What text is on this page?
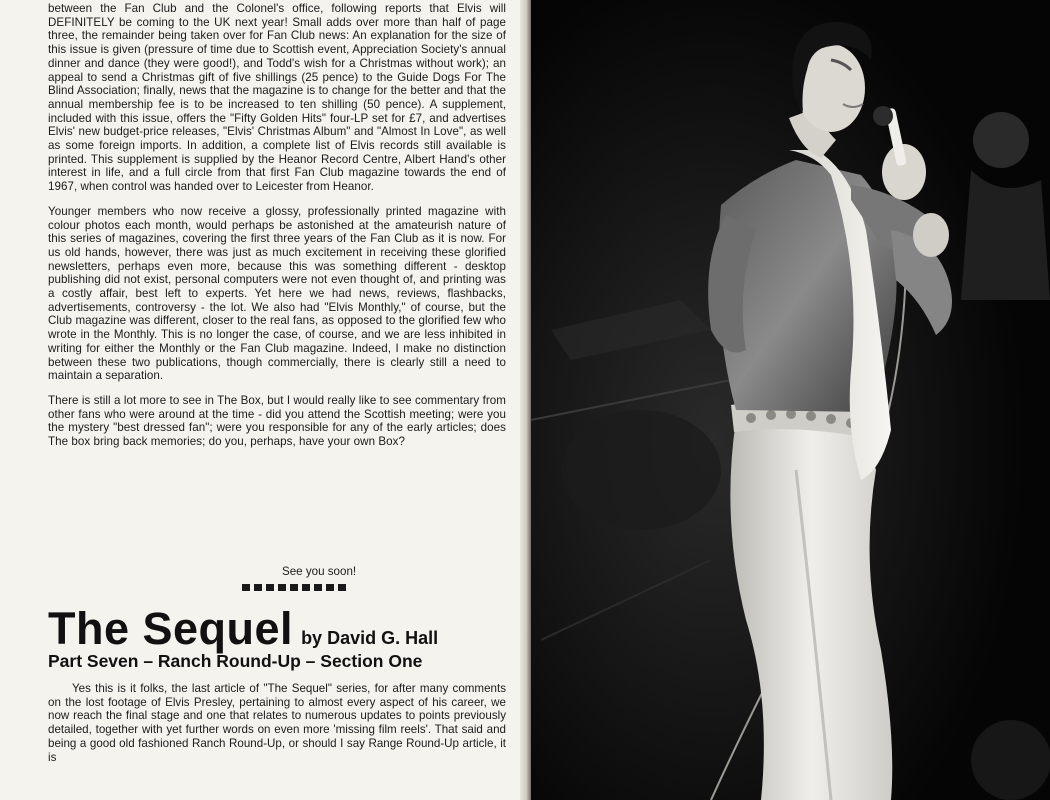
between the Fan Club and the Colonel's office, following reports that Elvis will DEFINITELY be coming to the UK next year! Small adds over more than half of page three, the remainder being taken over for Fan Club news: An explanation for the size of this issue is given (pressure of time due to Scottish event, Appreciation Society's annual dinner and dance (they were good!), and Todd's wish for a Christmas without work); an appeal to send a Christmas gift of five shillings (25 pence) to the Guide Dogs For The Blind Association; finally, news that the magazine is to change for the better and that the annual membership fee is to be increased to ten shilling (50 pence). A supplement, included with this issue, offers the "Fifty Golden Hits" four-LP set for £7, and advertises Elvis' new budget-price releases, "Elvis' Christmas Album" and "Almost In Love", as well as some foreign imports. In addition, a complete list of Elvis records still available is printed. This supplement is supplied by the Heanor Record Centre, Albert Hand's other interest in life, and a full circle from that first Fan Club magazine towards the end of 1967, when control was handed over to Leicester from Heanor.

Younger members who now receive a glossy, professionally printed magazine with colour photos each month, would perhaps be astonished at the amateurish nature of this series of magazines, covering the first three years of the Fan Club as it is now. For us old hands, however, there was just as much excitement in receiving these glorified newsletters, perhaps even more, because this was something different - desktop publishing did not exist, personal computers were not even thought of, and printing was a costly affair, best left to experts. Yet here we had news, reviews, flashbacks, advertisements, controversy - the lot. We also had "Elvis Monthly," of course, but the Club magazine was different, closer to the real fans, as opposed to the glorified few who wrote in the Monthly. This is no longer the case, of course, and we are less inhibited in writing for either the Monthly or the Fan Club magazine. Indeed, I make no distinction between these two publications, though commercially, there is clearly still a need to maintain a separation.

There is still a lot more to see in The Box, but I would really like to see commentary from other fans who were around at the time - did you attend the Scottish meeting; were you the mystery "best dressed fan"; were you responsible for any of the early articles; does The box bring back memories; do you, perhaps, have your own Box?

See you soon!
The Sequel by David G. Hall
Part Seven – Ranch Round-Up – Section One
Yes this is it folks, the last article of "The Sequel" series, for after many comments on the lost footage of Elvis Presley, pertaining to almost every aspect of his career, we now reach the final stage and one that relates to numerous updates to points previously detailed, together with yet further words on even more 'missing film reels'. That said and being a good old fashioned Ranch Round-Up, or should I say Range Round-Up article, it is
